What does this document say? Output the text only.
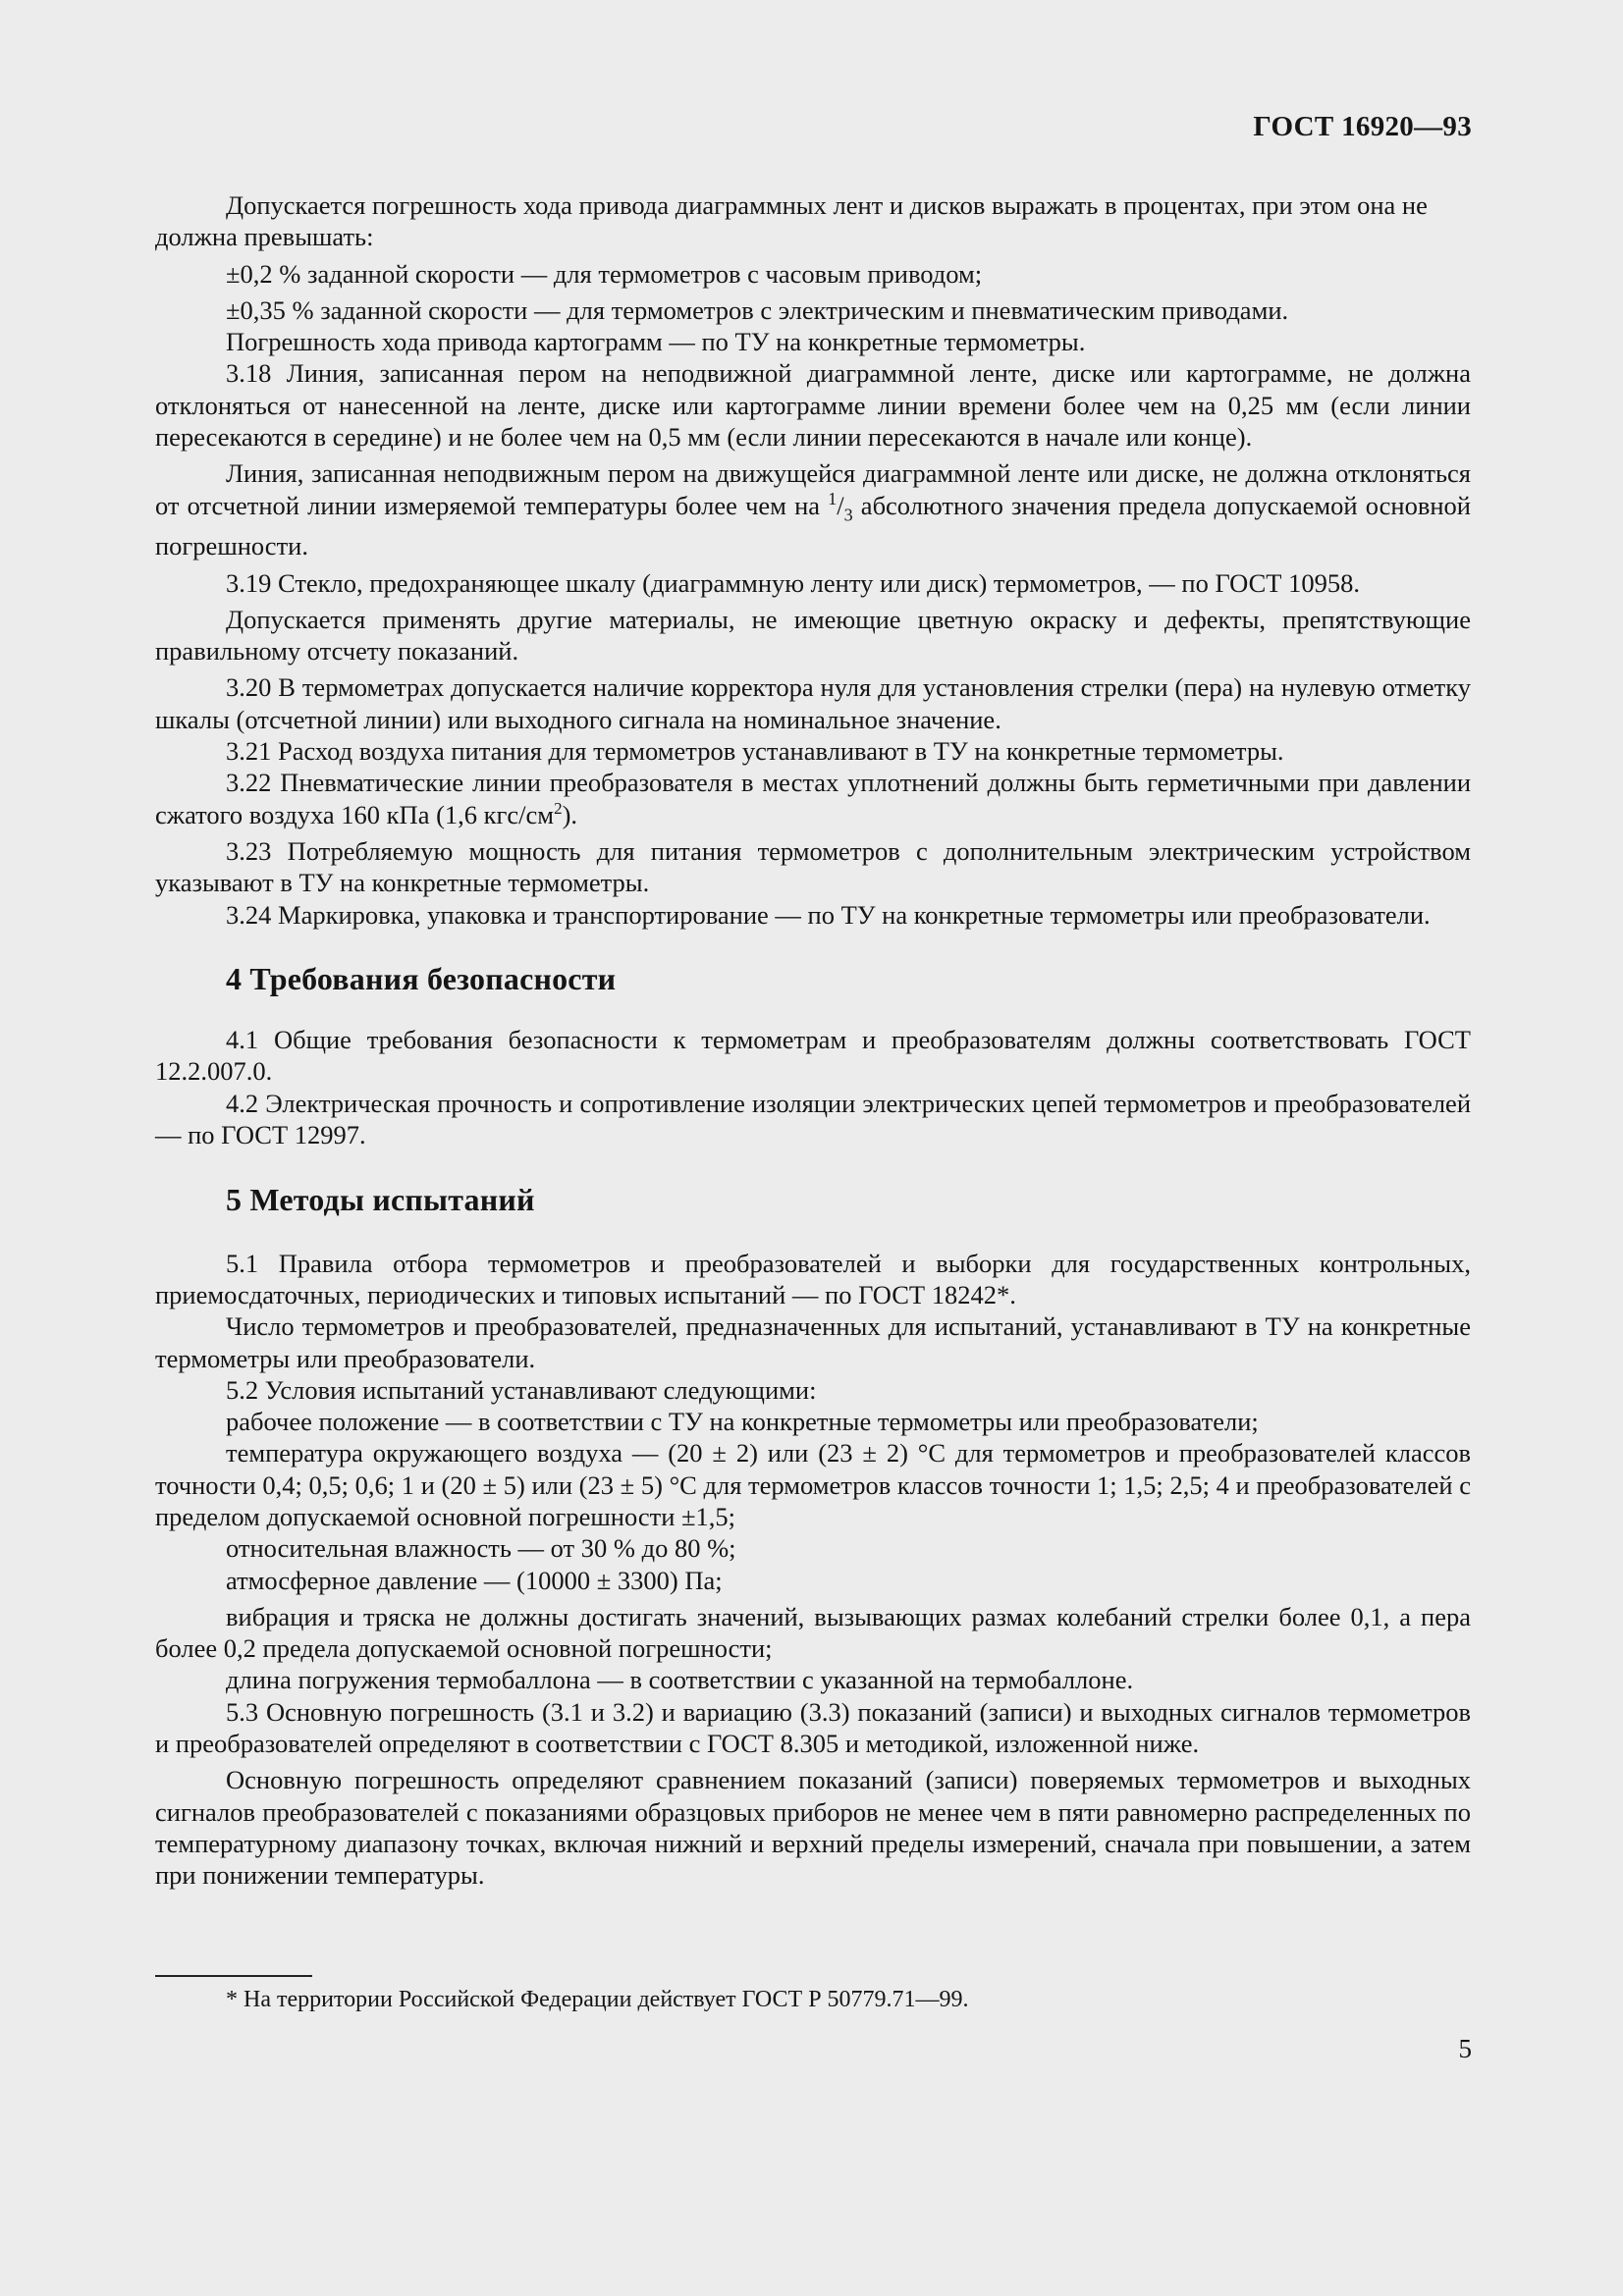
ГОСТ 16920—93

Допускается погрешность хода привода диаграммных лент и дисков выражать в процентах, при этом она не должна превышать:

±0,2 % заданной скорости — для термометров с часовым приводом;

±0,35 % заданной скорости — для термометров с электрическим и пневматическим приводами.

Погрешность хода привода картограмм — по ТУ на конкретные термометры.

3.18 Линия, записанная пером на неподвижной диаграммной ленте, диске или картограмме, не должна отклоняться от нанесенной на ленте, диске или картограмме линии времени более чем на 0,25 мм (если линии пересекаются в середине) и не более чем на 0,5 мм (если линии пересекаются в начале или конце).

Линия, записанная неподвижным пером на движущейся диаграммной ленте или диске, не должна отклоняться от отсчетной линии измеряемой температуры более чем на $^1/_3$ абсолютного значения предела допускаемой основной погрешности.

3.19 Стекло, предохраняющее шкалу (диаграммную ленту или диск) термометров, — по ГОСТ 10958.

Допускается применять другие материалы, не имеющие цветную окраску и дефекты, препятствующие правильному отсчету показаний.

3.20 В термометрах допускается наличие корректора нуля для установления стрелки (пера) на нулевую отметку шкалы (отсчетной линии) или выходного сигнала на номинальное значение.

3.21 Расход воздуха питания для термометров устанавливают в ТУ на конкретные термометры.

3.22 Пневматические линии преобразователя в местах уплотнений должны быть герметичными при давлении сжатого воздуха 160 кПа (1,6 кгс/$см^2$).

3.23 Потребляемую мощность для питания термометров с дополнительным электрическим устройством указывают в ТУ на конкретные термометры.

3.24 Маркировка, упаковка и транспортирование — по ТУ на конкретные термометры или преобразователи.

4 Требования безопасности

4.1 Общие требования безопасности к термометрам и преобразователям должны соответствовать ГОСТ 12.2.007.0.

4.2 Электрическая прочность и сопротивление изоляции электрических цепей термометров и преобразователей — по ГОСТ 12997.

5 Методы испытаний

5.1 Правила отбора термометров и преобразователей и выборки для государственных контрольных, приемосдаточных, периодических и типовых испытаний — по ГОСТ 18242*.

Число термометров и преобразователей, предназначенных для испытаний, устанавливают в ТУ на конкретные термометры или преобразователи.

5.2 Условия испытаний устанавливают следующими:

рабочее положение — в соответствии с ТУ на конкретные термометры или преобразователи;

температура окружающего воздуха — (20 ± 2) или (23 ± 2) °С для термометров и преобразователей классов точности 0,4; 0,5; 0,6; 1 и (20 ± 5) или (23 ± 5) °С для термометров классов точности 1; 1,5; 2,5; 4 и преобразователей с пределом допускаемой основной погрешности ±1,5;

относительная влажность — от 30 % до 80 %;

атмосферное давление — (10000 ± 3300) Па;

вибрация и тряска не должны достигать значений, вызывающих размах колебаний стрелки более 0,1, а пера более 0,2 предела допускаемой основной погрешности;

длина погружения термобаллона — в соответствии с указанной на термобаллоне.

5.3 Основную погрешность (3.1 и 3.2) и вариацию (3.3) показаний (записи) и выходных сигналов термометров и преобразователей определяют в соответствии с ГОСТ 8.305 и методикой, изложенной ниже.

Основную погрешность определяют сравнением показаний (записи) поверяемых термометров и выходных сигналов преобразователей с показаниями образцовых приборов не менее чем в пяти равномерно распределенных по температурному диапазону точках, включая нижний и верхний пределы измерений, сначала при повышении, а затем при понижении температуры.

* На территории Российской Федерации действует ГОСТ Р 50779.71—99.
5
